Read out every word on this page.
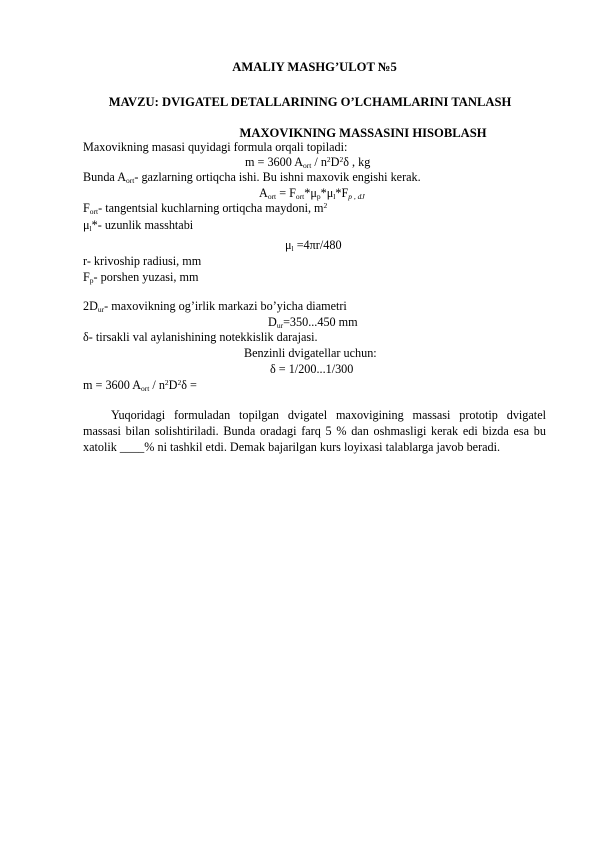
AMALIY MASHG’ULOT №5
MAVZU: DVIGATEL DETALLARINING O’LCHAMLARINI TANLASH
MAXOVIKNING MASSASINI HISOBLASH
Maxovikning masasi quyidagi formula orqali topiladi:
m = 3600 $A_{ort} / n^2D^2\delta$ , kg
Bunda $A_{ort}-$ gazlarning ortiqcha ishi. Bu ishni maxovik engishi kerak.
$A_{ort} = F_{ort}*\mu_p*\mu_l*F_{p , dJ}$
$F_{ort}-$ tangentsial kuchlarning ortiqcha maydoni, $m^2$
$\mu_l*-$ uzunlik masshtabi
$\mu_l =4\pi r/480$
r- krivoship radiusi, mm
$F_p-$ porshen yuzasi, mm
$2D_{ur}-$ maxovikning og’irlik markazi bo’yicha diametri
$D_{ur}=350...450$ mm
δ- tirsakli val aylanishining notekkislik darajasi.
Benzinli dvigatellar uchun:
δ = 1/200...1/300
m = 3600 $A_{ort} / n^2D^2\delta$ =
Yuqoridagi formuladan topilgan dvigatel maxovigining massasi prototip dvigatel massasi bilan solishtiriladi. Bunda oradagi farq 5 % dan oshmasligi kerak edi bizda esa bu xatolik ____% ni tashkil etdi. Demak bajarilgan kurs loyixasi talablarga javob beradi.
